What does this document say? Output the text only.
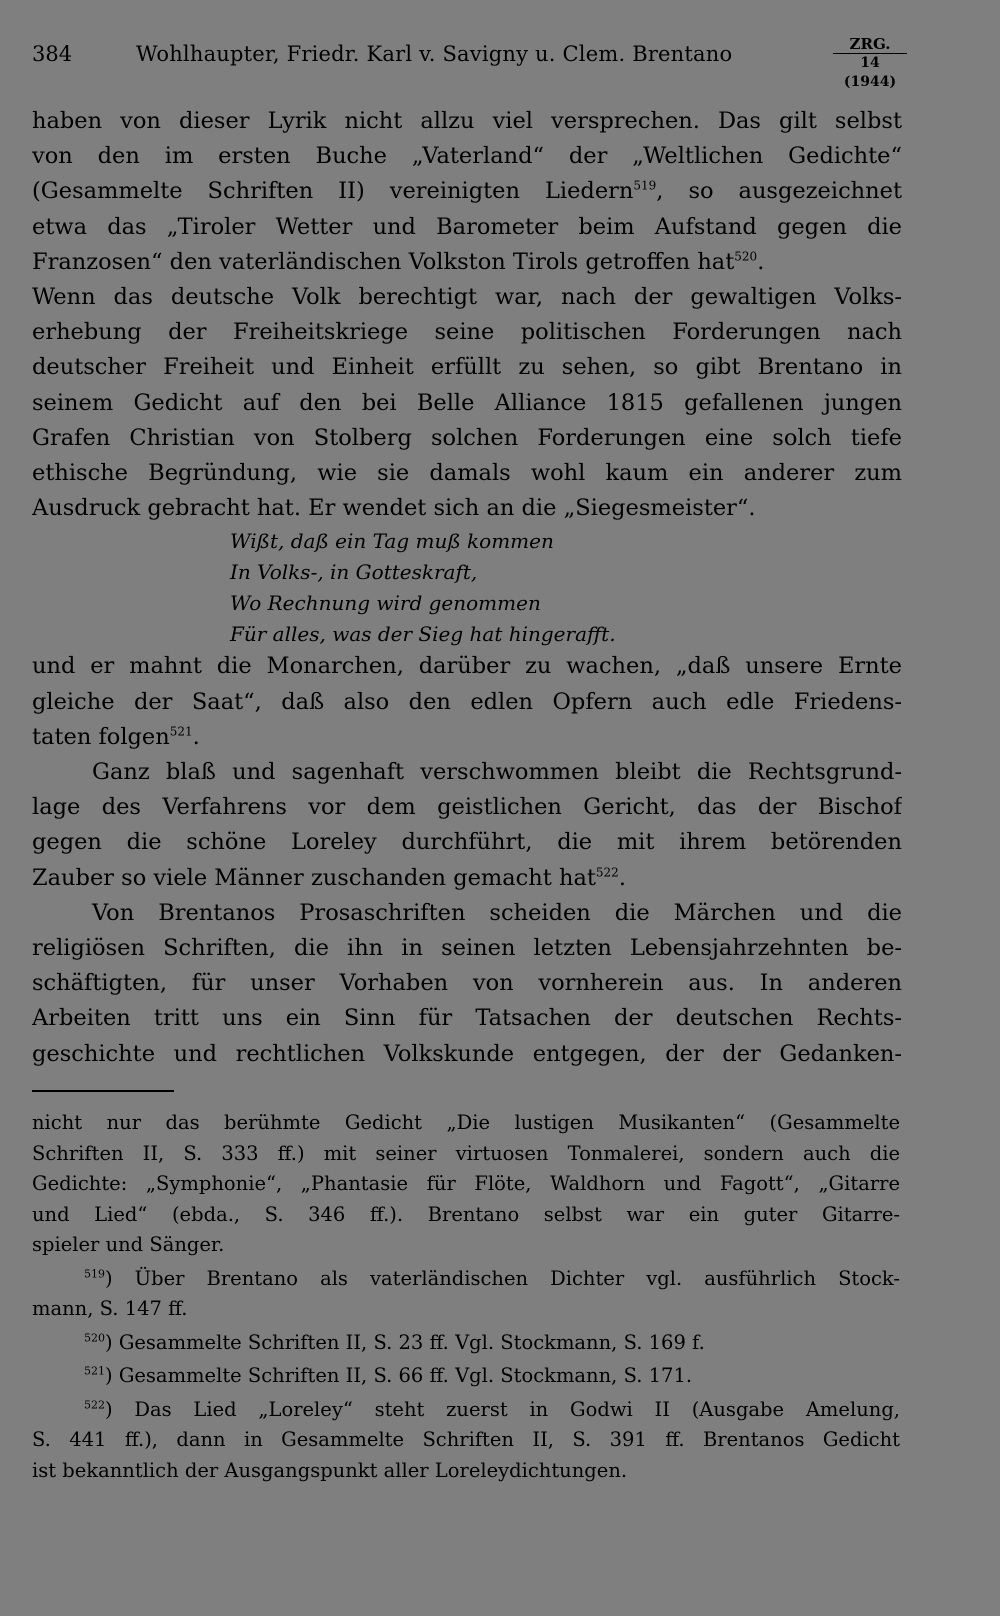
384	Wohlhaupter, Friedr. Karl v. Savigny u. Clem. Brentano	ZRG.
14 (1944)
haben von dieser Lyrik nicht allzu viel versprechen. Das gilt selbst
von den im ersten Buche „Vaterland“ der „Weltlichen Gedichte“
(Gesammelte Schriften II) vereinigten Liedern$^{519}$, so ausgezeichnet
etwa das „Tiroler Wetter und Barometer beim Aufstand gegen die
Franzosen“ den vaterländischen Volkston Tirols getroffen hat$^{520}$.
Wenn das deutsche Volk berechtigt war, nach der gewaltigen Volks-
erhebung der Freiheitskriege seine politischen Forderungen nach
deutscher Freiheit und Einheit erfüllt zu sehen, so gibt Brentano in
seinem Gedicht auf den bei Belle Alliance 1815 gefallenen jungen
Grafen Christian von Stolberg solchen Forderungen eine solch tiefe
ethische Begründung, wie sie damals wohl kaum ein anderer zum
Ausdruck gebracht hat. Er wendet sich an die „Siegesmeister“.
Wißt, daß ein Tag muß kommen
In Volks-, in Gotteskraft,
Wo Rechnung wird genommen
Für alles, was der Sieg hat hingerafft.
und er mahnt die Monarchen, darüber zu wachen, „daß unsere Ernte
gleiche der Saat“, daß also den edlen Opfern auch edle Friedens-
taten folgen$^{521}$.
Ganz blaß und sagenhaft verschwommen bleibt die Rechtsgrund-
lage des Verfahrens vor dem geistlichen Gericht, das der Bischof
gegen die schöne Loreley durchführt, die mit ihrem betörenden
Zauber so viele Männer zuschanden gemacht hat$^{522}$.
Von Brentanos Prosaschriften scheiden die Märchen und die
religiösen Schriften, die ihn in seinen letzten Lebensjahrzehnten be-
schäftigten, für unser Vorhaben von vornherein aus. In anderen
Arbeiten tritt uns ein Sinn für Tatsachen der deutschen Rechts-
geschichte und rechtlichen Volkskunde entgegen, der der Gedanken-
nicht nur das berühmte Gedicht „Die lustigen Musikanten“ (Gesammelte
Schriften II, S. 333 ff.) mit seiner virtuosen Tonmalerei, sondern auch die
Gedichte: „Symphonie“, „Phantasie für Flöte, Waldhorn und Fagott“, „Gitarre
und Lied“ (ebda., S. 346 ff.). Brentano selbst war ein guter Gitarre-
spieler und Sänger.
$^{519}$) Über Brentano als vaterländischen Dichter vgl. ausführlich Stock-
mann, S. 147 ff.
$^{520}$) Gesammelte Schriften II, S. 23 ff. Vgl. Stockmann, S. 169 f.
$^{521}$) Gesammelte Schriften II, S. 66 ff. Vgl. Stockmann, S. 171.
$^{522}$) Das Lied „Loreley“ steht zuerst in Godwi II (Ausgabe Amelung,
S. 441 ff.), dann in Gesammelte Schriften II, S. 391 ff. Brentanos Gedicht
ist bekanntlich der Ausgangspunkt aller Loreleydichtungen.
